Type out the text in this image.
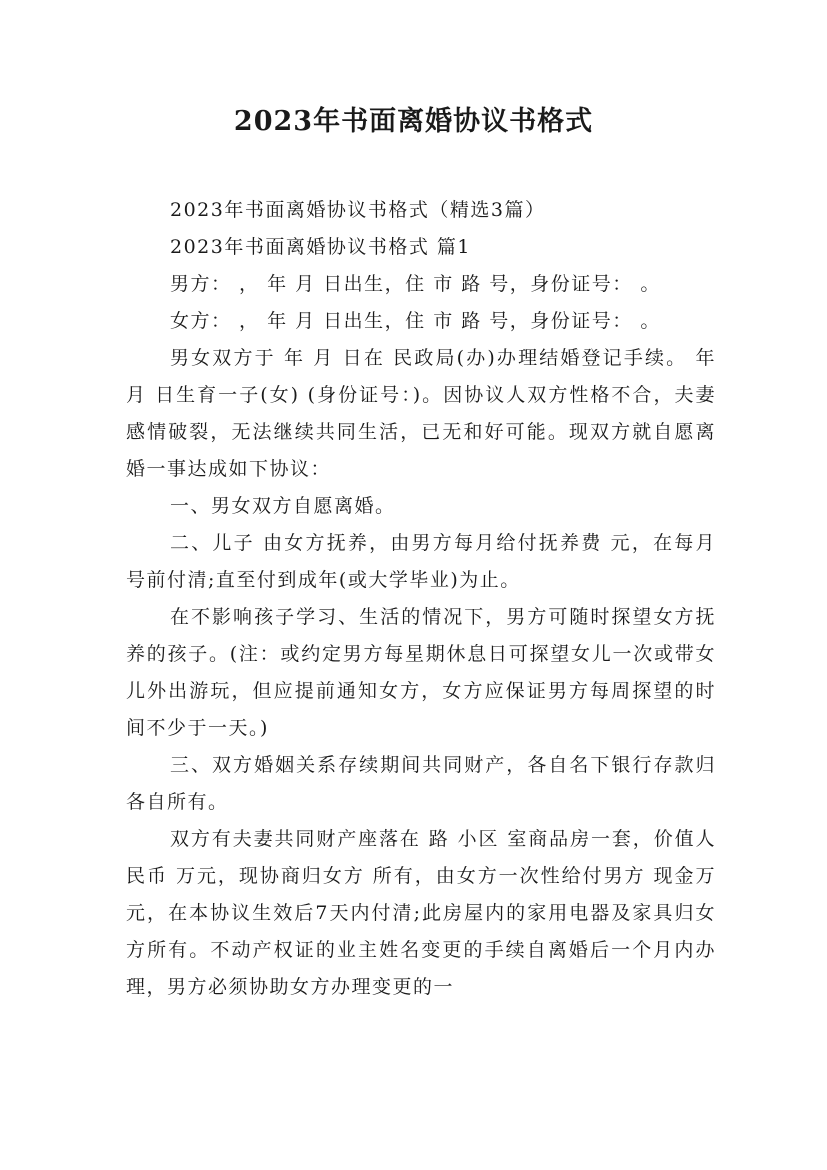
2023年书面离婚协议书格式

2023年书面离婚协议书格式（精选3篇）

2023年书面离婚协议书格式 篇1

男方： ， 年 月 日出生，住 市 路 号，身份证号： 。

女方： ， 年 月 日出生，住 市 路 号，身份证号： 。

男女双方于 年 月 日在 民政局(办)办理结婚登记手续。 年 月 日生育一子(女) (身份证号：)。因协议人双方性格不合，夫妻感情破裂，无法继续共同生活，已无和好可能。现双方就自愿离婚一事达成如下协议：

一、男女双方自愿离婚。

二、儿子 由女方抚养，由男方每月给付抚养费 元，在每月 号前付清;直至付到成年(或大学毕业)为止。

在不影响孩子学习、生活的情况下，男方可随时探望女方抚养的孩子。(注：或约定男方每星期休息日可探望女儿一次或带女儿外出游玩，但应提前通知女方，女方应保证男方每周探望的时间不少于一天。)

三、双方婚姻关系存续期间共同财产，各自名下银行存款归各自所有。

双方有夫妻共同财产座落在 路 小区 室商品房一套，价值人民币 万元，现协商归女方 所有，由女方一次性给付男方 现金万元，在本协议生效后7天内付清;此房屋内的家用电器及家具归女方所有。不动产权证的业主姓名变更的手续自离婚后一个月内办理，男方必须协助女方办理变更的一
